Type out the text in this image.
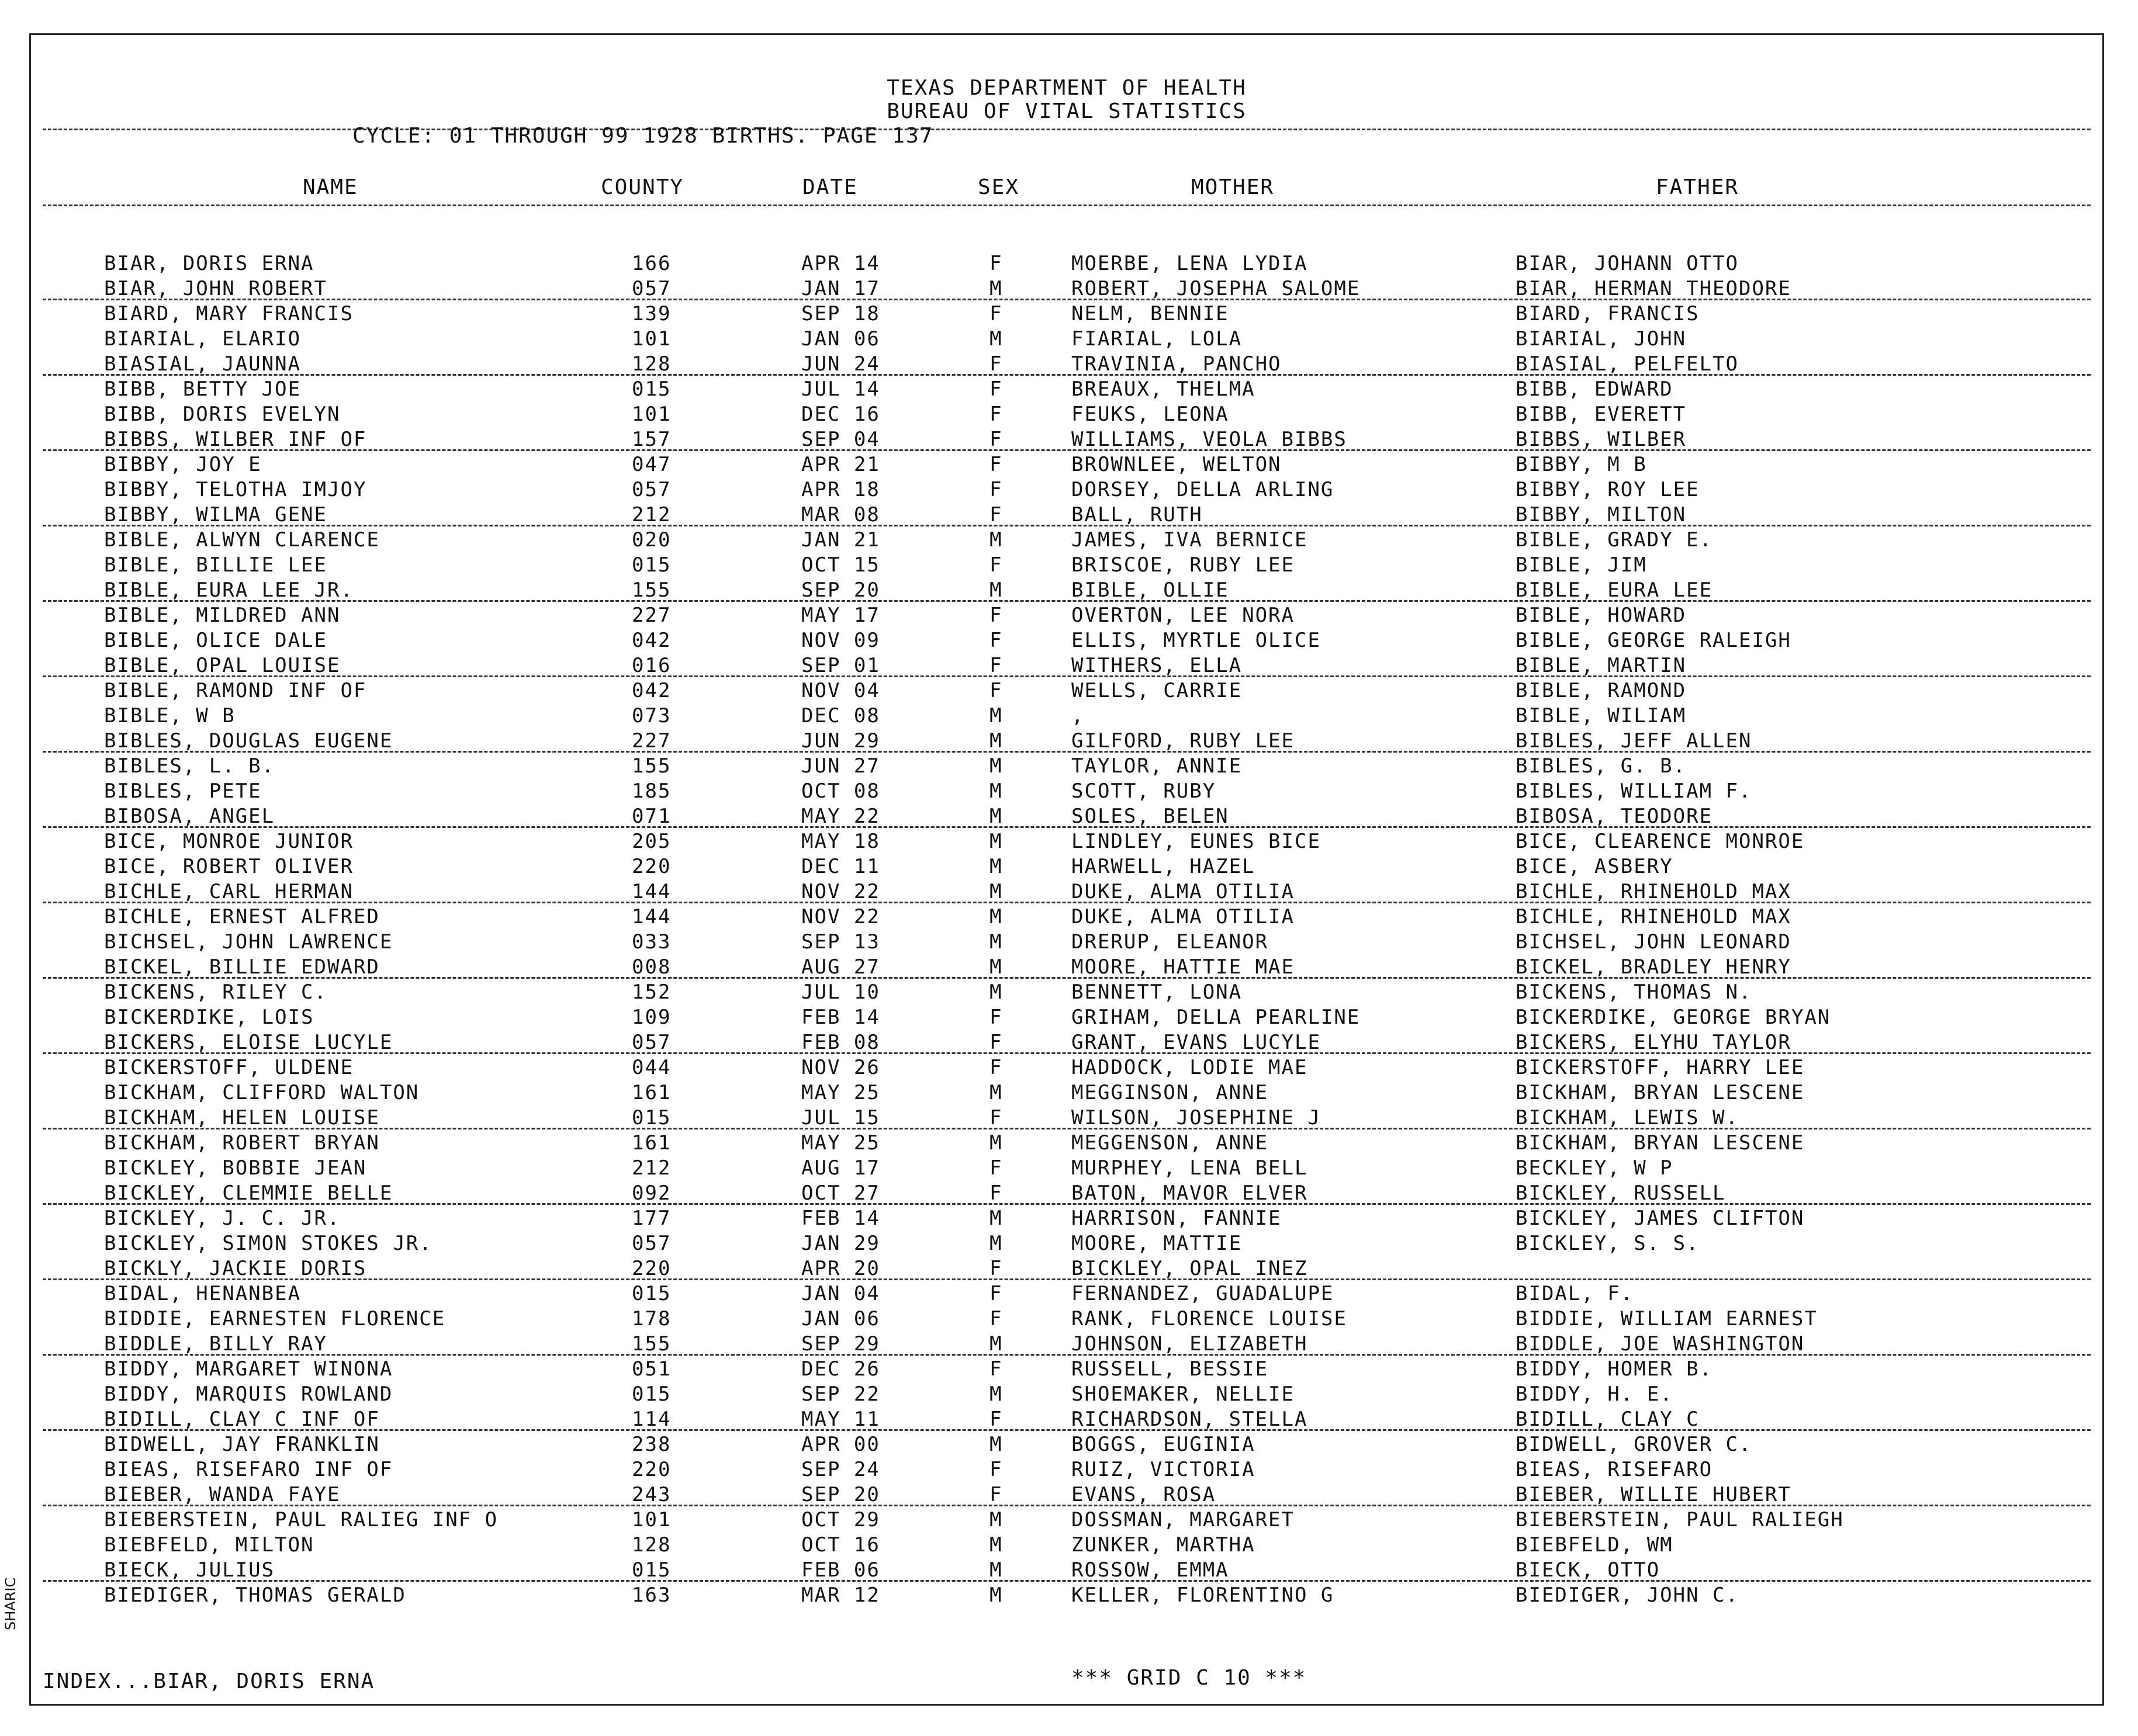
TEXAS DEPARTMENT OF HEALTH
BUREAU OF VITAL STATISTICS
CYCLE: 01 THROUGH 99 1928 BIRTHS. PAGE 137
NAME	COUNTY	DATE	SEX	MOTHER	FATHER
BIAR, DORIS ERNA	166	APR 14	F	MOERBE, LENA LYDIA	BIAR, JOHANN OTTO
BIAR, JOHN ROBERT	057	JAN 17	M	ROBERT, JOSEPHA SALOME	BIAR, HERMAN THEODORE
BIARD, MARY FRANCIS	139	SEP 18	F	NELM, BENNIE	BIARD, FRANCIS
BIARIAL, ELARIO	101	JAN 06	M	FIARIAL, LOLA	BIARIAL, JOHN
BIASIAL, JAUNNA	128	JUN 24	F	TRAVINIA, PANCHO	BIASIAL, PELFELTO
BIBB, BETTY JOE	015	JUL 14	F	BREAUX, THELMA	BIBB, EDWARD
BIBB, DORIS EVELYN	101	DEC 16	F	FEUKS, LEONA	BIBB, EVERETT
BIBBS, WILBER INF OF	157	SEP 04	F	WILLIAMS, VEOLA BIBBS	BIBBS, WILBER
BIBBY, JOY E	047	APR 21	F	BROWNLEE, WELTON	BIBBY, M B
BIBBY, TELOTHA IMJOY	057	APR 18	F	DORSEY, DELLA ARLING	BIBBY, ROY LEE
BIBBY, WILMA GENE	212	MAR 08	F	BALL, RUTH	BIBBY, MILTON
BIBLE, ALWYN CLARENCE	020	JAN 21	M	JAMES, IVA BERNICE	BIBLE, GRADY E.
BIBLE, BILLIE LEE	015	OCT 15	F	BRISCOE, RUBY LEE	BIBLE, JIM
BIBLE, EURA LEE JR.	155	SEP 20	M	BIBLE, OLLIE	BIBLE, EURA LEE
BIBLE, MILDRED ANN	227	MAY 17	F	OVERTON, LEE NORA	BIBLE, HOWARD
BIBLE, OLICE DALE	042	NOV 09	F	ELLIS, MYRTLE OLICE	BIBLE, GEORGE RALEIGH
BIBLE, OPAL LOUISE	016	SEP 01	F	WITHERS, ELLA	BIBLE, MARTIN
BIBLE, RAMOND INF OF	042	NOV 04	F	WELLS, CARRIE	BIBLE, RAMOND
BIBLE, W B	073	DEC 08	M	,	BIBLE, WILIAM
BIBLES, DOUGLAS EUGENE	227	JUN 29	M	GILFORD, RUBY LEE	BIBLES, JEFF ALLEN
BIBLES, L. B.	155	JUN 27	M	TAYLOR, ANNIE	BIBLES, G. B.
BIBLES, PETE	185	OCT 08	M	SCOTT, RUBY	BIBLES, WILLIAM F.
BIBOSA, ANGEL	071	MAY 22	M	SOLES, BELEN	BIBOSA, TEODORE
BICE, MONROE JUNIOR	205	MAY 18	M	LINDLEY, EUNES BICE	BICE, CLEARENCE MONROE
BICE, ROBERT OLIVER	220	DEC 11	M	HARWELL, HAZEL	BICE, ASBERY
BICHLE, CARL HERMAN	144	NOV 22	M	DUKE, ALMA OTILIA	BICHLE, RHINEHOLD MAX
BICHLE, ERNEST ALFRED	144	NOV 22	M	DUKE, ALMA OTILIA	BICHLE, RHINEHOLD MAX
BICHSEL, JOHN LAWRENCE	033	SEP 13	M	DRERUP, ELEANOR	BICHSEL, JOHN LEONARD
BICKEL, BILLIE EDWARD	008	AUG 27	M	MOORE, HATTIE MAE	BICKEL, BRADLEY HENRY
BICKENS, RILEY C.	152	JUL 10	M	BENNETT, LONA	BICKENS, THOMAS N.
BICKERDIKE, LOIS	109	FEB 14	F	GRIHAM, DELLA PEARLINE	BICKERDIKE, GEORGE BRYAN
BICKERS, ELOISE LUCYLE	057	FEB 08	F	GRANT, EVANS LUCYLE	BICKERS, ELYHU TAYLOR
BICKERSTOFF, ULDENE	044	NOV 26	F	HADDOCK, LODIE MAE	BICKERSTOFF, HARRY LEE
BICKHAM, CLIFFORD WALTON	161	MAY 25	M	MEGGINSON, ANNE	BICKHAM, BRYAN LESCENE
BICKHAM, HELEN LOUISE	015	JUL 15	F	WILSON, JOSEPHINE J	BICKHAM, LEWIS W.
BICKHAM, ROBERT BRYAN	161	MAY 25	M	MEGGENSON, ANNE	BICKHAM, BRYAN LESCENE
BICKLEY, BOBBIE JEAN	212	AUG 17	F	MURPHEY, LENA BELL	BECKLEY, W P
BICKLEY, CLEMMIE BELLE	092	OCT 27	F	BATON, MAVOR ELVER	BICKLEY, RUSSELL
BICKLEY, J. C. JR.	177	FEB 14	M	HARRISON, FANNIE	BICKLEY, JAMES CLIFTON
BICKLEY, SIMON STOKES JR.	057	JAN 29	M	MOORE, MATTIE	BICKLEY, S. S.
BICKLY, JACKIE DORIS	220	APR 20	F	BICKLEY, OPAL INEZ
BIDAL, HENANBEA	015	JAN 04	F	FERNANDEZ, GUADALUPE	BIDAL, F.
BIDDIE, EARNESTEN FLORENCE	178	JAN 06	F	RANK, FLORENCE LOUISE	BIDDIE, WILLIAM EARNEST
BIDDLE, BILLY RAY	155	SEP 29	M	JOHNSON, ELIZABETH	BIDDLE, JOE WASHINGTON
BIDDY, MARGARET WINONA	051	DEC 26	F	RUSSELL, BESSIE	BIDDY, HOMER B.
BIDDY, MARQUIS ROWLAND	015	SEP 22	M	SHOEMAKER, NELLIE	BIDDY, H. E.
BIDILL, CLAY C INF OF	114	MAY 11	F	RICHARDSON, STELLA	BIDILL, CLAY C
BIDWELL, JAY FRANKLIN	238	APR 00	M	BOGGS, EUGINIA	BIDWELL, GROVER C.
BIEAS, RISEFARO INF OF	220	SEP 24	F	RUIZ, VICTORIA	BIEAS, RISEFARO
BIEBER, WANDA FAYE	243	SEP 20	F	EVANS, ROSA	BIEBER, WILLIE HUBERT
BIEBERSTEIN, PAUL RALIEG INF O	101	OCT 29	M	DOSSMAN, MARGARET	BIEBERSTEIN, PAUL RALIEGH
BIEBFELD, MILTON	128	OCT 16	M	ZUNKER, MARTHA	BIEBFELD, WM
BIECK, JULIUS	015	FEB 06	M	ROSSOW, EMMA	BIECK, OTTO
BIEDIGER, THOMAS GERALD	163	MAR 12	M	KELLER, FLORENTINO G	BIEDIGER, JOHN C.
INDEX...BIAR, DORIS ERNA	*** GRID C 10 ***
SHARIC
